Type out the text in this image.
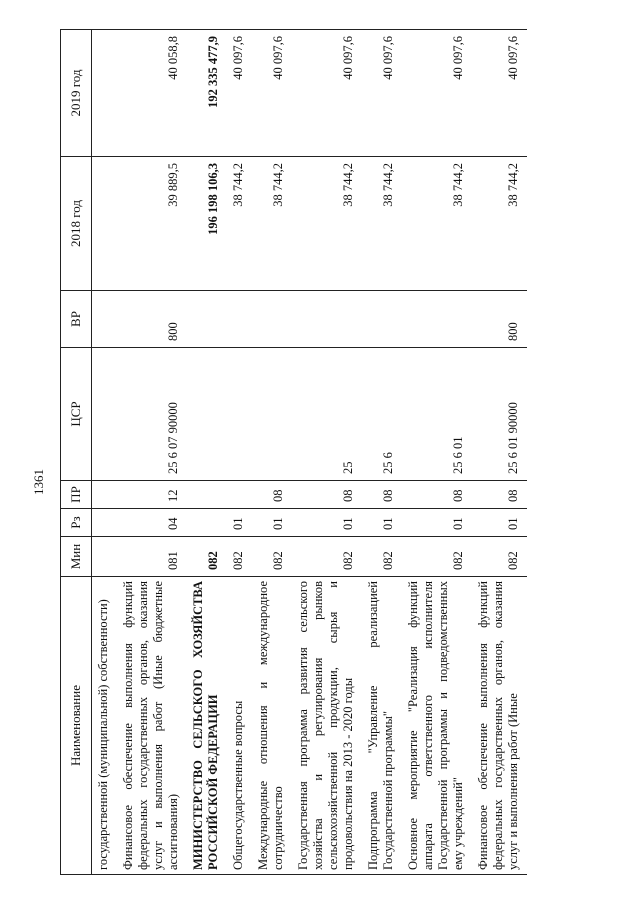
1361
Наименование	Мин	Рз	ПР	ЦСР	ВР	2018 год	2019 год
государственной (муниципальной) собственности)							
Финансовое обеспечение выполнения функций федеральных государственных органов, оказания услуг и выполнения работ (Иные бюджетные ассигнования)	081	04	12	25 6 07 90000	800	39 889,5	40 058,8
МИНИСТЕРСТВО СЕЛЬСКОГО ХОЗЯЙСТВА РОССИЙСКОЙ ФЕДЕРАЦИИ	082					196 198 106,3	192 335 477,9
Общегосударственные вопросы	082	01				38 744,2	40 097,6
Международные отношения и международное сотрудничество	082	01	08			38 744,2	40 097,6
Государственная программа развития сельского хозяйства и регулирования рынков сельскохозяйственной продукции, сырья и продовольствия на 2013 - 2020 годы	082	01	08	25		38 744,2	40 097,6
Подпрограмма "Управление реализацией Государственной программы"	082	01	08	25 6		38 744,2	40 097,6
Основное мероприятие "Реализация функций аппарата ответственного исполнителя Государственной программы и подведомственных ему учреждений"	082	01	08	25 6 01		38 744,2	40 097,6
Финансовое обеспечение выполнения функций федеральных государственных органов, оказания услуг и выполнения работ (Иные	082	01	08	25 6 01 90000	800	38 744,2	40 097,6
